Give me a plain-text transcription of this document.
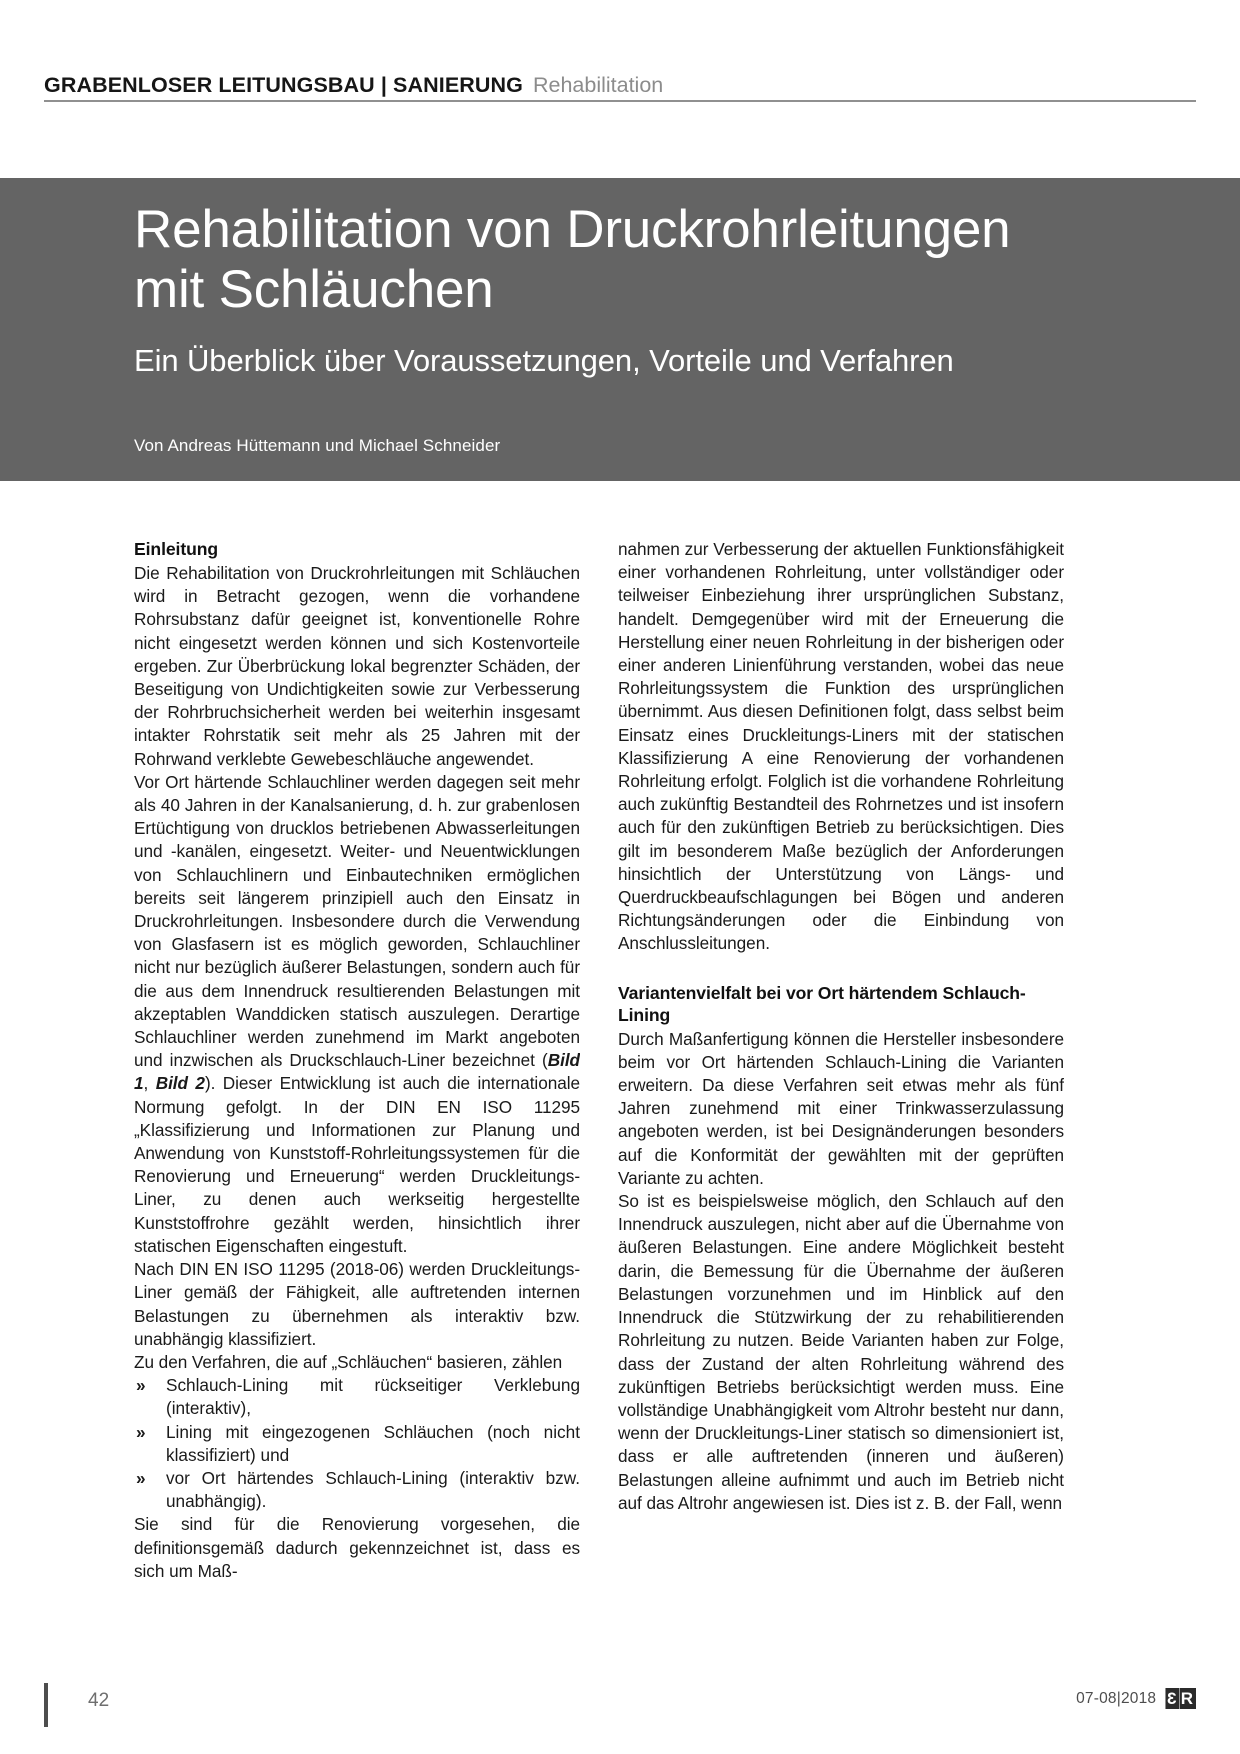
GRABENLOSER LEITUNGSBAU | SANIERUNG Rehabilitation
Rehabilitation von Druckrohrleitungen mit Schläuchen
Ein Überblick über Voraussetzungen, Vorteile und Verfahren
Von Andreas Hüttemann und Michael Schneider
Einleitung

Die Rehabilitation von Druckrohrleitungen mit Schläuchen wird in Betracht gezogen, wenn die vorhandene Rohrsubstanz dafür geeignet ist, konventionelle Rohre nicht eingesetzt werden können und sich Kostenvorteile ergeben. Zur Überbrückung lokal begrenzter Schäden, der Beseitigung von Undichtigkeiten sowie zur Verbesserung der Rohrbruchsicherheit werden bei weiterhin insgesamt intakter Rohrstatik seit mehr als 25 Jahren mit der Rohrwand verklebte Gewebeschläuche angewendet.

Vor Ort härtende Schlauchliner werden dagegen seit mehr als 40 Jahren in der Kanalsanierung, d. h. zur grabenlosen Ertüchtigung von drucklos betriebenen Abwasserleitungen und -kanälen, eingesetzt. Weiter- und Neuentwicklungen von Schlauchlinern und Einbautechniken ermöglichen bereits seit längerem prinzipiell auch den Einsatz in Druckrohrleitungen. Insbesondere durch die Verwendung von Glasfasern ist es möglich geworden, Schlauchliner nicht nur bezüglich äußerer Belastungen, sondern auch für die aus dem Innendruck resultierenden Belastungen mit akzeptablen Wanddicken statisch auszulegen. Derartige Schlauchliner werden zunehmend im Markt angeboten und inzwischen als Druckschlauch-Liner bezeichnet (Bild 1, Bild 2). Dieser Entwicklung ist auch die internationale Normung gefolgt. In der DIN EN ISO 11295 „Klassifizierung und Informationen zur Planung und Anwendung von Kunststoff-Rohrleitungssystemen für die Renovierung und Erneuerung“ werden Druckleitungs-Liner, zu denen auch werkseitig hergestellte Kunststoffrohre gezählt werden, hinsichtlich ihrer statischen Eigenschaften eingestuft.

Nach DIN EN ISO 11295 (2018-06) werden Druckleitungs-Liner gemäß der Fähigkeit, alle auftretenden internen Belastungen zu übernehmen als interaktiv bzw. unabhängig klassifiziert.

Zu den Verfahren, die auf „Schläuchen“ basieren, zählen

» Schlauch-Lining mit rückseitiger Verklebung (interaktiv),
» Lining mit eingezogenen Schläuchen (noch nicht klassifiziert) und
» vor Ort härtendes Schlauch-Lining (interaktiv bzw. unabhängig).

Sie sind für die Renovierung vorgesehen, die definitionsgemäß dadurch gekennzeichnet ist, dass es sich um Maß-

nahmen zur Verbesserung der aktuellen Funktionsfähigkeit einer vorhandenen Rohrleitung, unter vollständiger oder teilweiser Einbeziehung ihrer ursprünglichen Substanz, handelt. Demgegenüber wird mit der Erneuerung die Herstellung einer neuen Rohrleitung in der bisherigen oder einer anderen Linienführung verstanden, wobei das neue Rohrleitungssystem die Funktion des ursprünglichen übernimmt. Aus diesen Definitionen folgt, dass selbst beim Einsatz eines Druckleitungs-Liners mit der statischen Klassifizierung A eine Renovierung der vorhandenen Rohrleitung erfolgt. Folglich ist die vorhandene Rohrleitung auch zukünftig Bestandteil des Rohrnetzes und ist insofern auch für den zukünftigen Betrieb zu berücksichtigen. Dies gilt im besonderem Maße bezüglich der Anforderungen hinsichtlich der Unterstützung von Längs- und Querdruckbeaufschlagungen bei Bögen und anderen Richtungsänderungen oder die Einbindung von Anschlussleitungen.

Variantenvielfalt bei vor Ort härtendem Schlauch-Lining

Durch Maßanfertigung können die Hersteller insbesondere beim vor Ort härtenden Schlauch-Lining die Varianten erweitern. Da diese Verfahren seit etwas mehr als fünf Jahren zunehmend mit einer Trinkwasserzulassung angeboten werden, ist bei Designänderungen besonders auf die Konformität der gewählten mit der geprüften Variante zu achten.

So ist es beispielsweise möglich, den Schlauch auf den Innendruck auszulegen, nicht aber auf die Übernahme von äußeren Belastungen. Eine andere Möglichkeit besteht darin, die Bemessung für die Übernahme der äußeren Belastungen vorzunehmen und im Hinblick auf den Innendruck die Stützwirkung der zu rehabilitierenden Rohrleitung zu nutzen. Beide Varianten haben zur Folge, dass der Zustand der alten Rohrleitung während des zukünftigen Betriebs berücksichtigt werden muss. Eine vollständige Unabhängigkeit vom Altrohr besteht nur dann, wenn der Druckleitungs-Liner statisch so dimensioniert ist, dass er alle auftretenden (inneren und äußeren) Belastungen alleine aufnimmt und auch im Betrieb nicht auf das Altrohr angewiesen ist. Dies ist z. B. der Fall, wenn

42	07-08|2018 3 R
